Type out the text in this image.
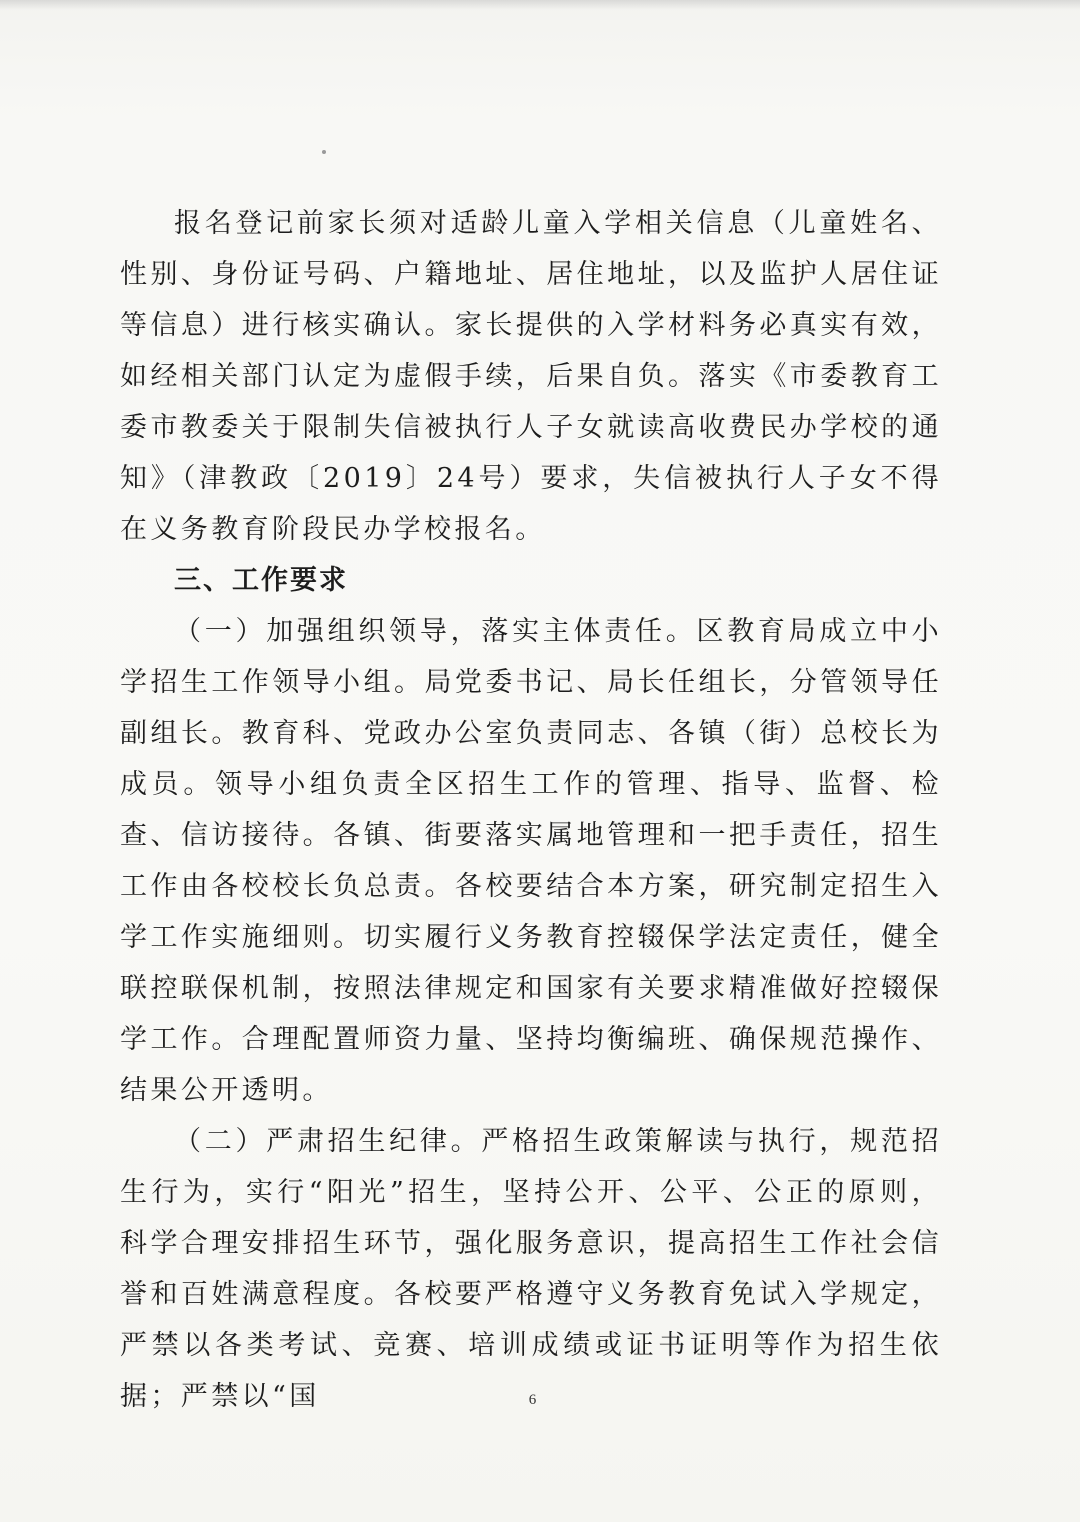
报名登记前家长须对适龄儿童入学相关信息（儿童姓名、性别、身份证号码、户籍地址、居住地址，以及监护人居住证等信息）进行核实确认。家长提供的入学材料务必真实有效，如经相关部门认定为虚假手续，后果自负。落实《市委教育工委市教委关于限制失信被执行人子女就读高收费民办学校的通知》（津教政〔2019〕24号）要求，失信被执行人子女不得在义务教育阶段民办学校报名。

三、工作要求

（一）加强组织领导，落实主体责任。区教育局成立中小学招生工作领导小组。局党委书记、局长任组长，分管领导任副组长。教育科、党政办公室负责同志、各镇（街）总校长为成员。领导小组负责全区招生工作的管理、指导、监督、检查、信访接待。各镇、街要落实属地管理和一把手责任，招生工作由各校校长负总责。各校要结合本方案，研究制定招生入学工作实施细则。切实履行义务教育控辍保学法定责任，健全联控联保机制，按照法律规定和国家有关要求精准做好控辍保学工作。合理配置师资力量、坚持均衡编班、确保规范操作、结果公开透明。

（二）严肃招生纪律。严格招生政策解读与执行，规范招生行为，实行“阳光”招生，坚持公开、公平、公正的原则，科学合理安排招生环节，强化服务意识，提高招生工作社会信誉和百姓满意程度。各校要严格遵守义务教育免试入学规定，严禁以各类考试、竞赛、培训成绩或证书证明等作为招生依据；严禁以“国	6
